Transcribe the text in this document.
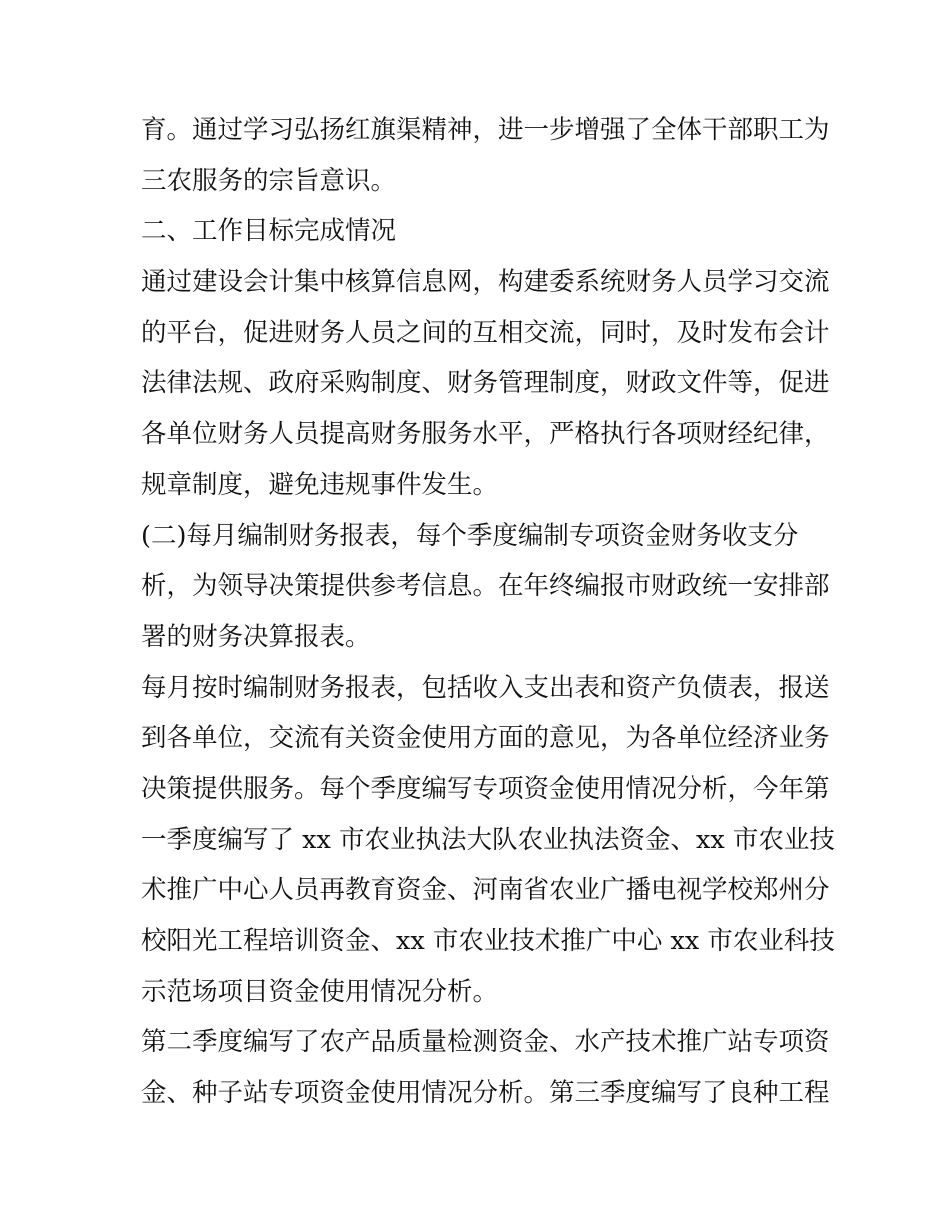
育。通过学习弘扬红旗渠精神，进一步增强了全体干部职工为
三农服务的宗旨意识。
二、工作目标完成情况
通过建设会计集中核算信息网，构建委系统财务人员学习交流
的平台，促进财务人员之间的互相交流，同时，及时发布会计
法律法规、政府采购制度、财务管理制度，财政文件等，促进
各单位财务人员提高财务服务水平，严格执行各项财经纪律，
规章制度，避免违规事件发生。
(二)每月编制财务报表，每个季度编制专项资金财务收支分
析，为领导决策提供参考信息。在年终编报市财政统一安排部
署的财务决算报表。
每月按时编制财务报表，包括收入支出表和资产负债表，报送
到各单位，交流有关资金使用方面的意见，为各单位经济业务
决策提供服务。每个季度编写专项资金使用情况分析，今年第
一季度编写了 xx 市农业执法大队农业执法资金、xx 市农业技
术推广中心人员再教育资金、河南省农业广播电视学校郑州分
校阳光工程培训资金、xx 市农业技术推广中心 xx 市农业科技
示范场项目资金使用情况分析。
第二季度编写了农产品质量检测资金、水产技术推广站专项资
金、种子站专项资金使用情况分析。第三季度编写了良种工程
